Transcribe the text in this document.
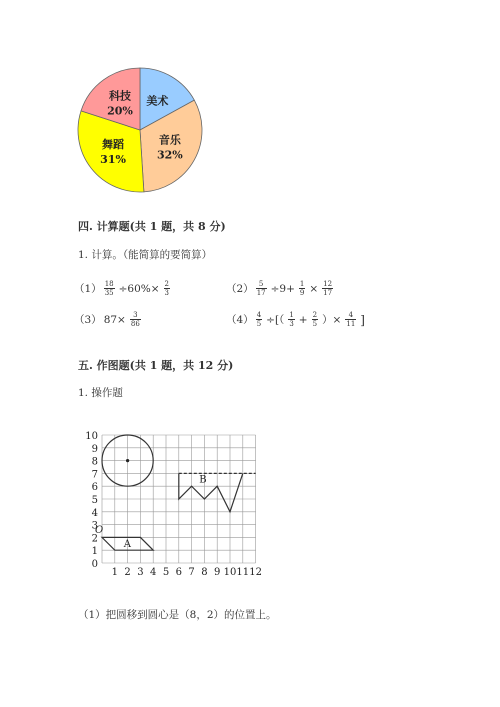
美术
音乐
32%
舞蹈
31%
科技
20%
四. 计算题(共 1 题，共 8 分)
1. 计算。（能简算的要简算）
$(1) \frac{18}{35} \div 60\%\times \frac{2}{3}$	$(2) \frac{5}{17} \div 9+ \frac{1}{9} \times \frac{12}{17}$
（3） $87\times \frac{3}{86}$	$(4) \frac{4}{5}$ ÷[（ $\frac{1}{3} + \frac{2}{5}$ ）× $\frac{4}{11}$ ]
五. 作图题(共 1 题，共 12 分)
1. 操作题
1 2 3 4 5 6 7 8 9 10 11 12
0
1
2
3
4
5
6
7
8
9
10
A
O
B
（1）把圆移到圆心是（8，2）的位置上。
